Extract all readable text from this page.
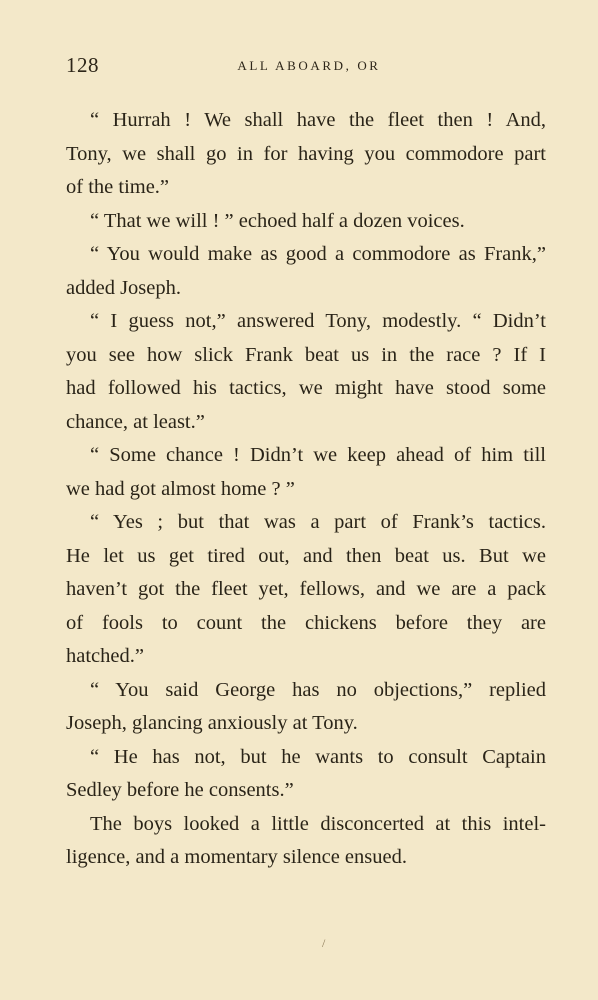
128	ALL ABOARD, OR
“ Hurrah ! We shall have the fleet then ! And,
Tony, we shall go in for having you commodore part
of the time.”
“ That we will ! ” echoed half a dozen voices.
“ You would make as good a commodore as Frank,”
added Joseph.
“ I guess not,” answered Tony, modestly. “ Didn’t
you see how slick Frank beat us in the race ? If I
had followed his tactics, we might have stood some
chance, at least.”
“ Some chance ! Didn’t we keep ahead of him till
we had got almost home ? ”
“ Yes ; but that was a part of Frank’s tactics.
He let us get tired out, and then beat us. But we
haven’t got the fleet yet, fellows, and we are a pack
of fools to count the chickens before they are
hatched.”
“ You said George has no objections,” replied
Joseph, glancing anxiously at Tony.
“ He has not, but he wants to consult Captain
Sedley before he consents.”
The boys looked a little disconcerted at this intel-
ligence, and a momentary silence ensued.
/
